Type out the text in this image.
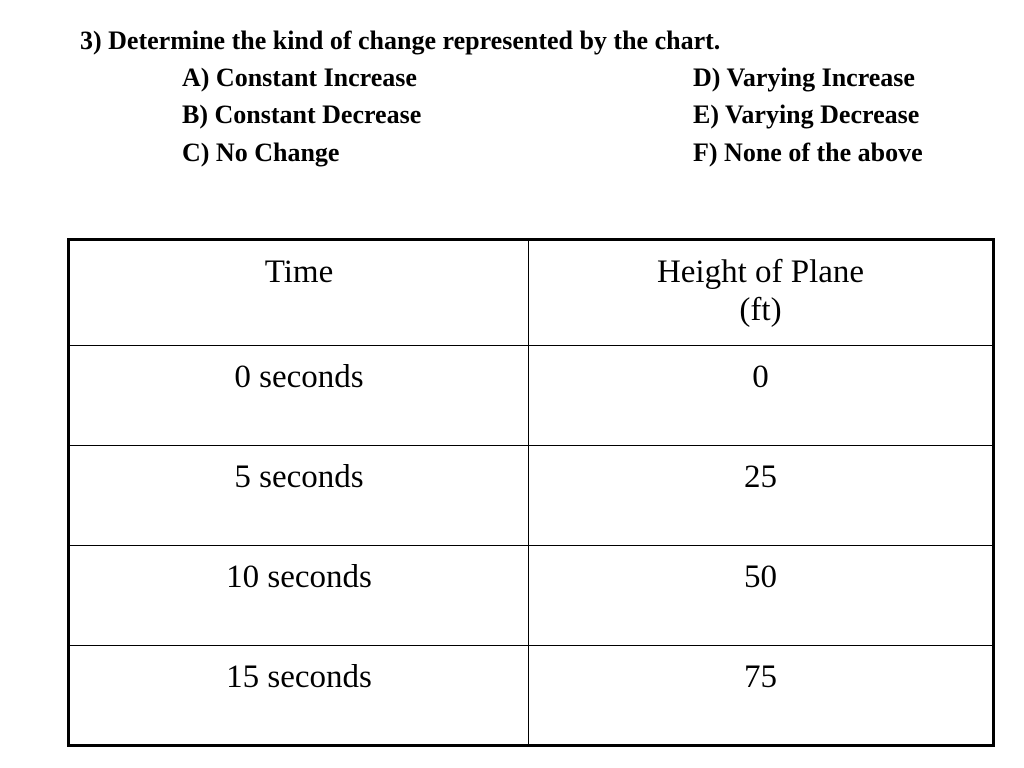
3) Determine the kind of change represented by the chart.
A) Constant Increase
B) Constant Decrease
C) No Change
D) Varying Increase
E) Varying Decrease
F) None of the above
Time	Height of Plane
(ft)

0 seconds	0
5 seconds	25
10 seconds	50
15 seconds	75
